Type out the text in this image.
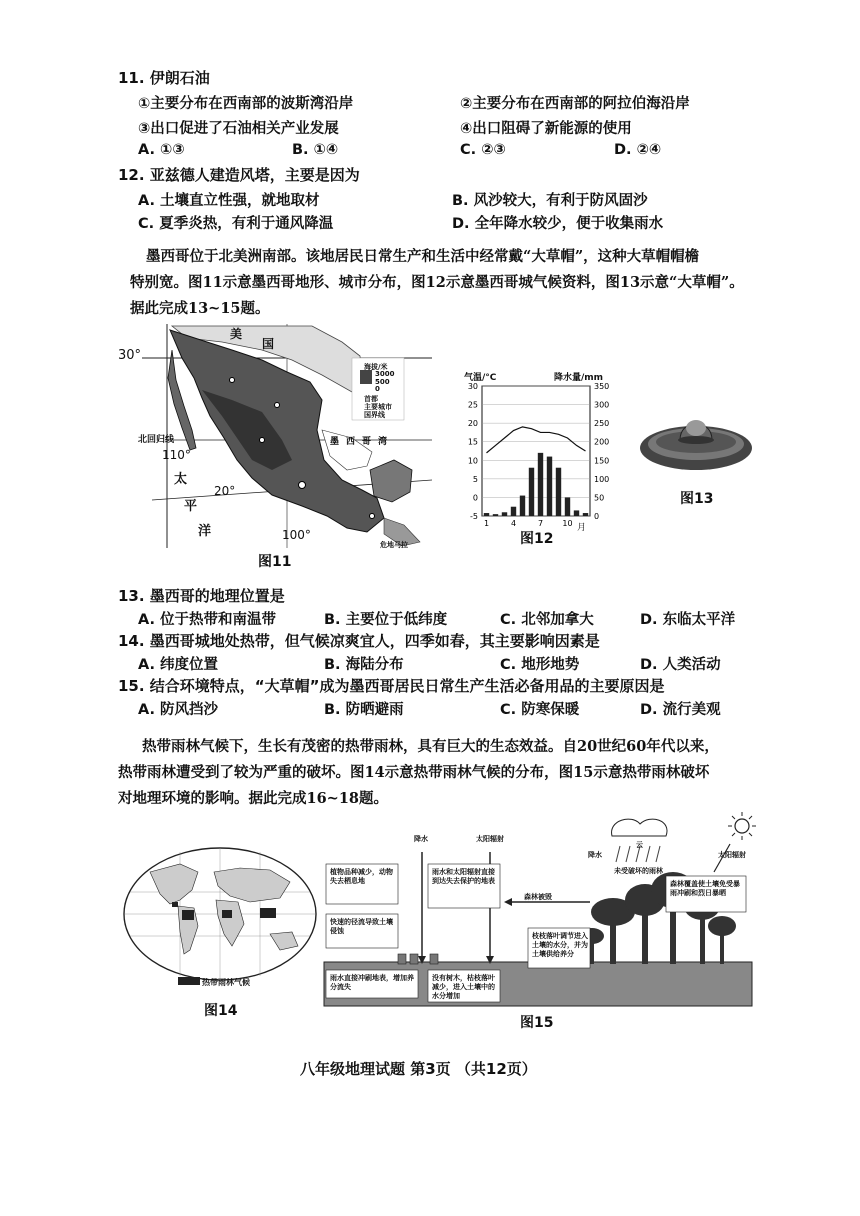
11. 伊朗石油
①主要分布在西南部的波斯湾沿岸	②主要分布在西南部的阿拉伯海沿岸
③出口促进了石油相关产业发展	④出口阻碍了新能源的使用
A. ①③	B. ①④	C. ②③	D. ②④
12. 亚兹德人建造风塔，主要是因为
A. 土壤直立性强，就地取材	B. 风沙较大，有利于防风固沙
C. 夏季炎热，有利于通风降温	D. 全年降水较少，便于收集雨水
墨西哥位于北美洲南部。该地居民日常生产和生活中经常戴“大草帽”，这种大草帽帽檐
特别宽。图11示意墨西哥地形、城市分布，图12示意墨西哥城气候资料，图13示意“大草帽”。
据此完成13~15题。
海拔/米
3000
500
0
首都
主要城市
国界线
美
国
30°
北回归线
110°
墨西哥湾
20°
100°
太
平
洋
危地马拉
图11
气温/°C	降水量/mm
30
25
20
15
10
5
0
-5
350
300
250
200
150
100
50
0
1	4	7 10 月
图12
图13
13. 墨西哥的地理位置是
A. 位于热带和南温带	B. 主要位于低纬度	C. 北邻加拿大	D. 东临太平洋
14. 墨西哥城地处热带，但气候凉爽宜人，四季如春，其主要影响因素是
A. 纬度位置	B. 海陆分布	C. 地形地势	D. 人类活动
15. 结合环境特点，“大草帽”成为墨西哥居民日常生产生活必备用品的主要原因是
A. 防风挡沙	B. 防晒避雨	C. 防寒保暖	D. 流行美观
热带雨林气候下，生长有茂密的热带雨林，具有巨大的生态效益。自20世纪60年代以来，
热带雨林遭受到了较为严重的破坏。图14示意热带雨林气候的分布，图15示意热带雨林破坏
对地理环境的影响。据此完成16~18题。
热带雨林气候
图14
降水	太阳辐射
云
降水	太阳辐射
未受破坏的雨林
植物品种减少，动物失去栖息地
雨水和太阳辐射直接到达失去保护的地表
森林被毁
快速的径流导致土壤侵蚀
森林覆盖使土壤免受暴雨冲刷和烈日暴晒
枝枝落叶调节进入土壤的水分，并为土壤供给养分
雨水直接冲刷地表，增加养分流失
没有树木，枯枝落叶减少，进入土壤中的水分增加
图15
八年级地理试题 第3页 （共12页）
